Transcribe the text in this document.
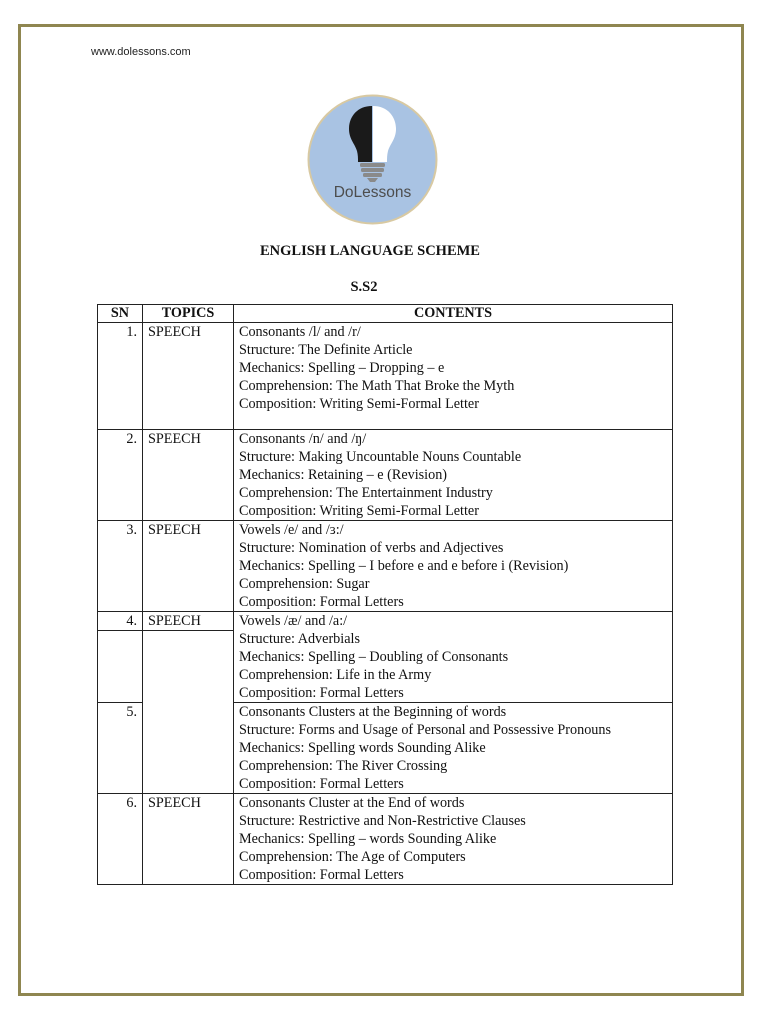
www.dolessons.com
DoLessons
ENGLISH LANGUAGE SCHEME
S.S2
SN	TOPICS	CONTENTS
1.	SPEECH	Consonants /l/ and /r/
Structure: The Definite Article
Mechanics: Spelling – Dropping – e
Comprehension: The Math That Broke the Myth
Composition: Writing Semi-Formal Letter

2.	SPEECH	Consonants /n/ and /ŋ/
Structure: Making Uncountable Nouns Countable
Mechanics: Retaining – e (Revision)
Comprehension: The Entertainment Industry
Composition: Writing Semi-Formal Letter

3.	SPEECH	Vowels /e/ and /ɜ:/
Structure: Nomination of verbs and Adjectives
Mechanics: Spelling – I before e and e before i (Revision)
Comprehension: Sugar
Composition: Formal Letters

4.	SPEECH	Vowels /æ/ and /a:/
Structure: Adverbials
Mechanics: Spelling – Doubling of Consonants
Comprehension: Life in the Army
Composition: Formal Letters

5.		Consonants Clusters at the Beginning of words
Structure: Forms and Usage of Personal and Possessive Pronouns
Mechanics: Spelling words Sounding Alike
Comprehension: The River Crossing
Composition: Formal Letters

6.	SPEECH	Consonants Cluster at the End of words
Structure: Restrictive and Non-Restrictive Clauses
Mechanics: Spelling – words Sounding Alike
Comprehension: The Age of Computers
Composition: Formal Letters
